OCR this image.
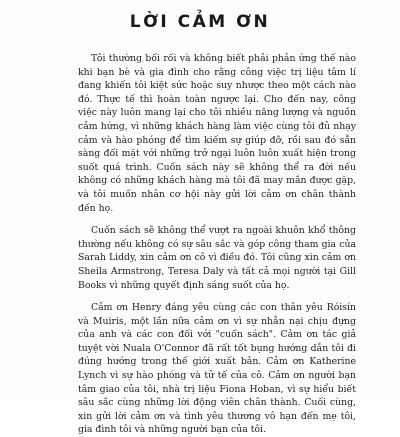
LỜI CẢM ƠN

Tôi thường bối rối và không biết phải phản ứng thế nào khi bạn bè và gia đình cho rằng công việc trị liệu tâm lí đang khiến tôi kiệt sức hoặc suy nhược theo một cách nào đó. Thực tế thì hoàn toàn ngược lại. Cho đến nay, công việc này luôn mang lại cho tôi nhiều năng lượng và nguồn cảm hứng, vì những khách hàng làm việc cùng tôi đủ nhạy cảm và hào phóng để tìm kiếm sự giúp đỡ, rồi sau đó sẵn sàng đối mặt với những trở ngại luôn luôn xuất hiện trong suốt quá trình. Cuốn sách này sẽ không thể ra đời nếu không có những khách hàng mà tôi đã may mắn được gặp, và tôi muốn nhân cơ hội này gửi lời cảm ơn chân thành đến họ.

Cuốn sách sẽ không thể vượt ra ngoài khuôn khổ thông thường nếu không có sự sâu sắc và góp công tham gia của Sarah Liddy, xin cảm ơn cô vì điều đó. Tôi cũng xin cảm ơn Sheila Armstrong, Teresa Daly và tất cả mọi người tại Gill Books vì những quyết định sáng suốt của họ.

Cảm ơn Henry đáng yêu cùng các con thân yêu Róisín và Muiris, một lần nữa cảm ơn vì sự nhẫn nại chịu đựng của anh và các con đối với "cuốn sách". Cảm ơn tác giả tuyệt vời Nuala O'Connor đã rất tốt bụng hướng dẫn tôi đi đúng hướng trong thế giới xuất bản. Cảm ơn Katherine Lynch vì sự hào phóng và tử tế của cô. Cảm ơn người bạn tâm giao của tôi, nhà trị liệu Fiona Hoban, vì sự hiểu biết sâu sắc cùng những lời động viên chân thành. Cuối cùng, xin gửi lời cảm ơn và tình yêu thương vô hạn đến mẹ tôi, gia đình tôi và những người bạn của tôi.
